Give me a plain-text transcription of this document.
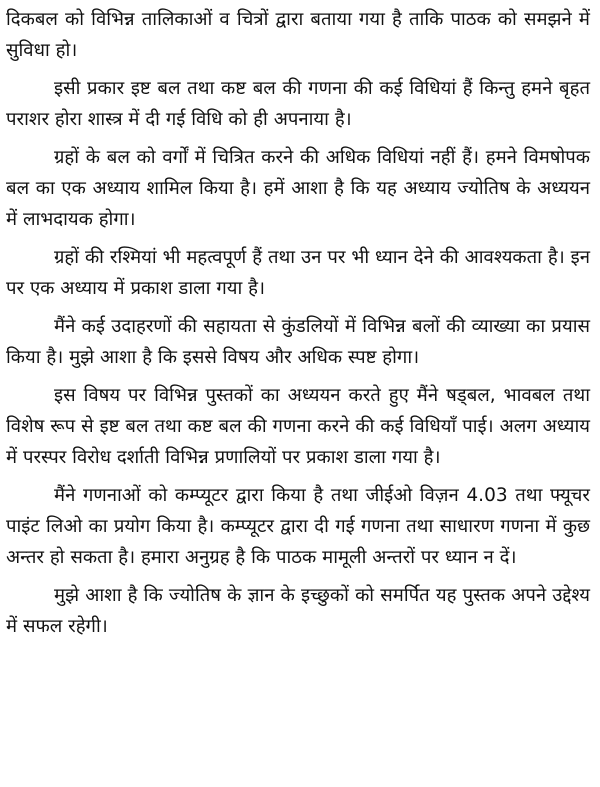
दिकबल को विभिन्न तालिकाओं व चित्रों द्वारा बताया गया है ताकि पाठक को समझने में सुविधा हो।

इसी प्रकार इष्ट बल तथा कष्ट बल की गणना की कई विधियां हैं किन्तु हमने बृहत पराशर होरा शास्त्र में दी गई विधि को ही अपनाया है।

ग्रहों के बल को वर्गों में चित्रित करने की अधिक विधियां नहीं हैं। हमने विमषोपक बल का एक अध्याय शामिल किया है। हमें आशा है कि यह अध्याय ज्योतिष के अध्ययन में लाभदायक होगा।

ग्रहों की रश्मियां भी महत्वपूर्ण हैं तथा उन पर भी ध्यान देने की आवश्यकता है। इन पर एक अध्याय में प्रकाश डाला गया है।

मैंने कई उदाहरणों की सहायता से कुंडलियों में विभिन्न बलों की व्याख्या का प्रयास किया है। मुझे आशा है कि इससे विषय और अधिक स्पष्ट होगा।

इस विषय पर विभिन्न पुस्तकों का अध्ययन करते हुए मैंने षड्बल, भावबल तथा विशेष रूप से इष्ट बल तथा कष्ट बल की गणना करने की कई विधियाँ पाई। अलग अध्याय में परस्पर विरोध दर्शाती विभिन्न प्रणालियों पर प्रकाश डाला गया है।

मैंने गणनाओं को कम्प्यूटर द्वारा किया है तथा जीईओ विज़न 4.03 तथा फ्यूचर पाइंट लिओ का प्रयोग किया है। कम्प्यूटर द्वारा दी गई गणना तथा साधारण गणना में कुछ अन्तर हो सकता है। हमारा अनुग्रह है कि पाठक मामूली अन्तरों पर ध्यान न दें।

मुझे आशा है कि ज्योतिष के ज्ञान के इच्छुकों को समर्पित यह पुस्तक अपने उद्देश्य में सफल रहेगी।
